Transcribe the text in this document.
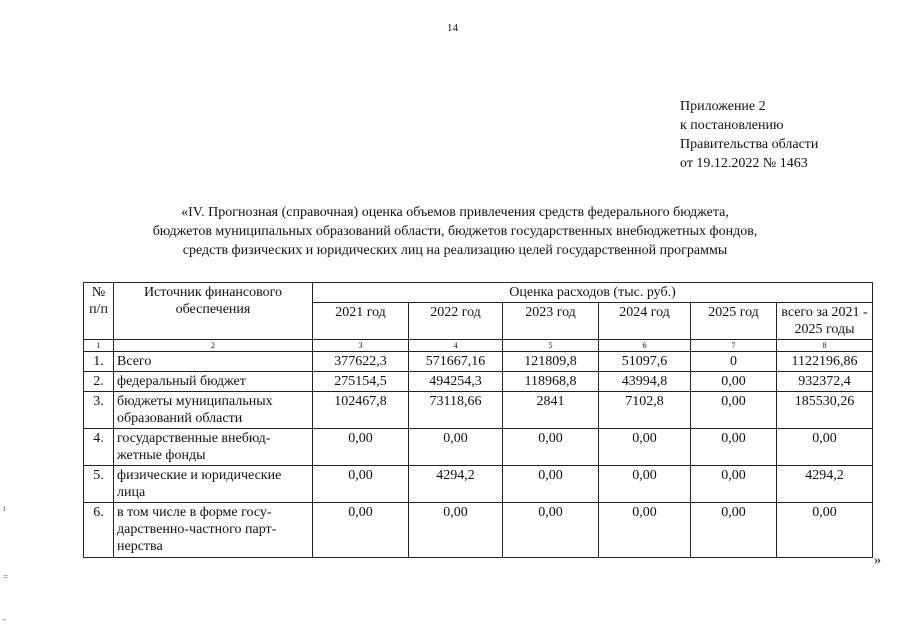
14
Приложение 2
к постановлению
Правительства области
от 19.12.2022 № 1463
«IV. Прогнозная (справочная) оценка объемов привлечения средств федерального бюджета,
бюджетов муниципальных образований области, бюджетов государственных внебюджетных фондов,
средств физических и юридических лиц на реализацию целей государственной программы
№ п/п	Источник финансового обеспечения	Оценка расходов (тыс. руб.)					
		2021 год	2022 год	2023 год	2024 год	2025 год	всего за 2021 - 2025 годы
1	2	3	4	5	6	7	8
1.	Всего	377622,3	571667,16	121809,8	51097,6	0	1122196,86
2.	федеральный бюджет	275154,5	494254,3	118968,8	43994,8	0,00	932372,4
3.	бюджеты муниципальных образований области	102467,8	73118,66	2841	7102,8	0,00	185530,26
4.	государственные внебюд-жетные фонды	0,00	0,00	0,00	0,00	0,00	0,00
5.	физические и юридические лица	0,00	4294,2	0,00	0,00	0,00	4294,2
6.	в том числе в форме госу-дарственно-частного парт-нерства	0,00	0,00	0,00	0,00	0,00	0,00
»
ı
=
-
